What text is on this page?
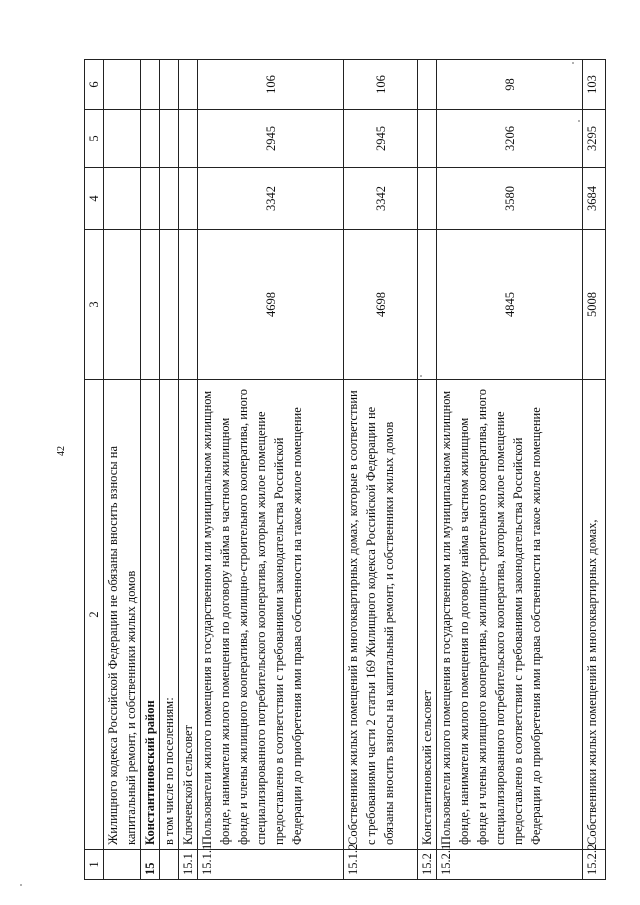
42
1	2	3	4	5	6
	Жилищного кодекса Российской Федерации не обязаны вносить взносы на капитальный ремонт, и собственники жилых домов				
15	Константиновский район				
	в том числе по поселениям:				
15.1	Ключевской сельсовет				
15.1.1	Пользователи жилого помещения в государственном или муниципальном жилищном фонде, наниматели жилого помещения по договору найма в частном жилищном фонде и члены жилищного кооператива, жилищно-строительного кооператива, иного специализированного потребительского кооператива, которым жилое помещение предоставлено в соответствии с требованиями законодательства Российской Федерации до приобретения ими права собственности на такое жилое помещение	4698	3342	2945	106
15.1.2	Собственники жилых помещений в многоквартирных домах, которые в соответствии с требованиями части 2 статьи 169 Жилищного кодекса Российской Федерации не обязаны вносить взносы на капитальный ремонт, и собственники жилых домов	4698	3342	2945	106
15.2	Константиновский сельсовет				
15.2.1	Пользователи жилого помещения в государственном или муниципальном жилищном фонде, наниматели жилого помещения по договору найма в частном жилищном фонде и члены жилищного кооператива, жилищно-строительного кооператива, иного специализированного потребительского кооператива, которым жилое помещение предоставлено в соответствии с требованиями законодательства Российской Федерации до приобретения ими права собственности на такое жилое помещение	4845	3580	3206	98
15.2.2	Собственники жилых помещений в многоквартирных домах,	5008	3684	3295	103
